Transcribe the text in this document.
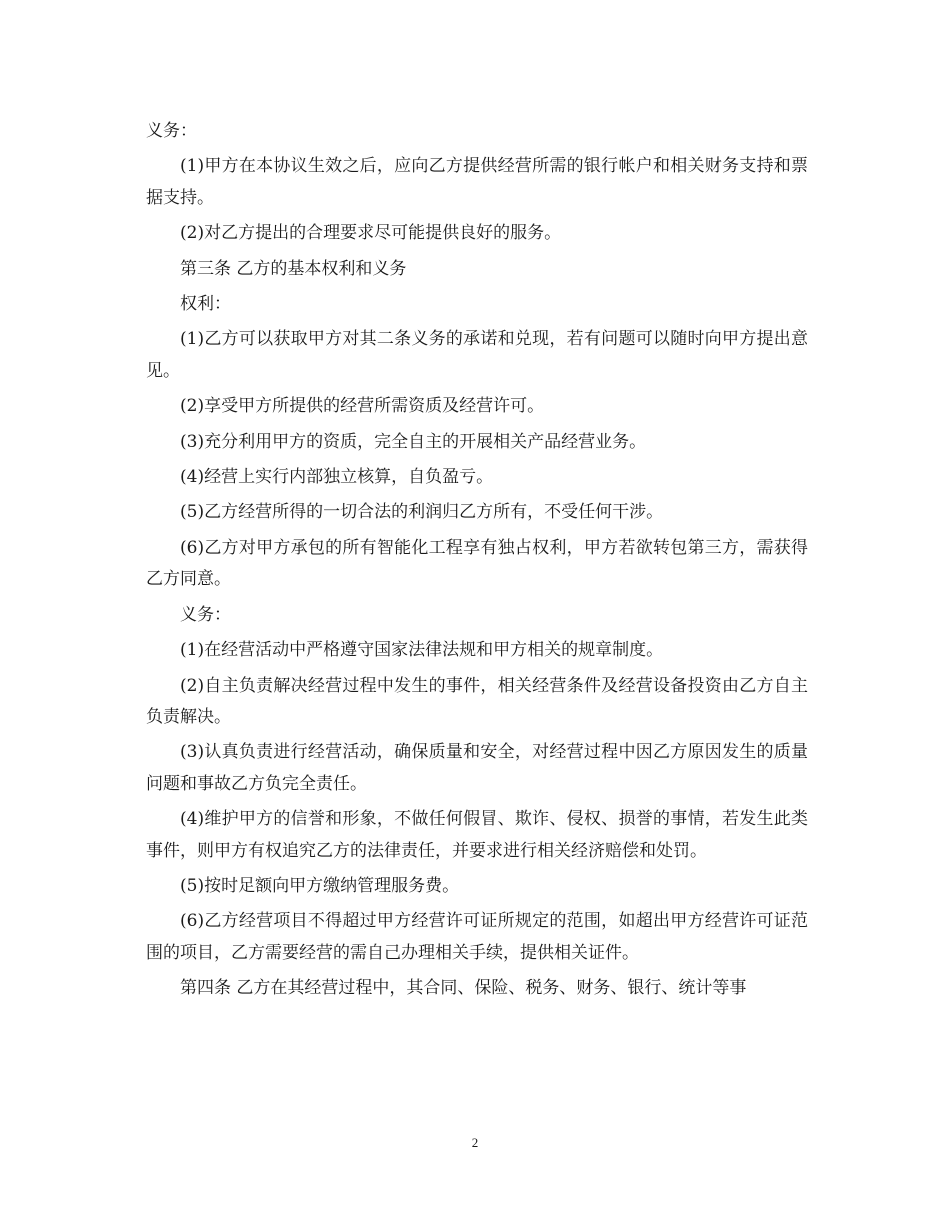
义务：

(1)甲方在本协议生效之后，应向乙方提供经营所需的银行帐户和相关财务支持和票据支持。

(2)对乙方提出的合理要求尽可能提供良好的服务。

第三条 乙方的基本权利和义务

权利：

(1)乙方可以获取甲方对其二条义务的承诺和兑现，若有问题可以随时向甲方提出意见。

(2)享受甲方所提供的经营所需资质及经营许可。

(3)充分利用甲方的资质，完全自主的开展相关产品经营业务。

(4)经营上实行内部独立核算，自负盈亏。

(5)乙方经营所得的一切合法的利润归乙方所有，不受任何干涉。

(6)乙方对甲方承包的所有智能化工程享有独占权利，甲方若欲转包第三方，需获得乙方同意。

义务：

(1)在经营活动中严格遵守国家法律法规和甲方相关的规章制度。

(2)自主负责解决经营过程中发生的事件，相关经营条件及经营设备投资由乙方自主负责解决。

(3)认真负责进行经营活动，确保质量和安全，对经营过程中因乙方原因发生的质量问题和事故乙方负完全责任。

(4)维护甲方的信誉和形象，不做任何假冒、欺诈、侵权、损誉的事情，若发生此类事件，则甲方有权追究乙方的法律责任，并要求进行相关经济赔偿和处罚。

(5)按时足额向甲方缴纳管理服务费。

(6)乙方经营项目不得超过甲方经营许可证所规定的范围，如超出甲方经营许可证范围的项目，乙方需要经营的需自己办理相关手续，提供相关证件。

第四条 乙方在其经营过程中，其合同、保险、税务、财务、银行、统计等事

2
